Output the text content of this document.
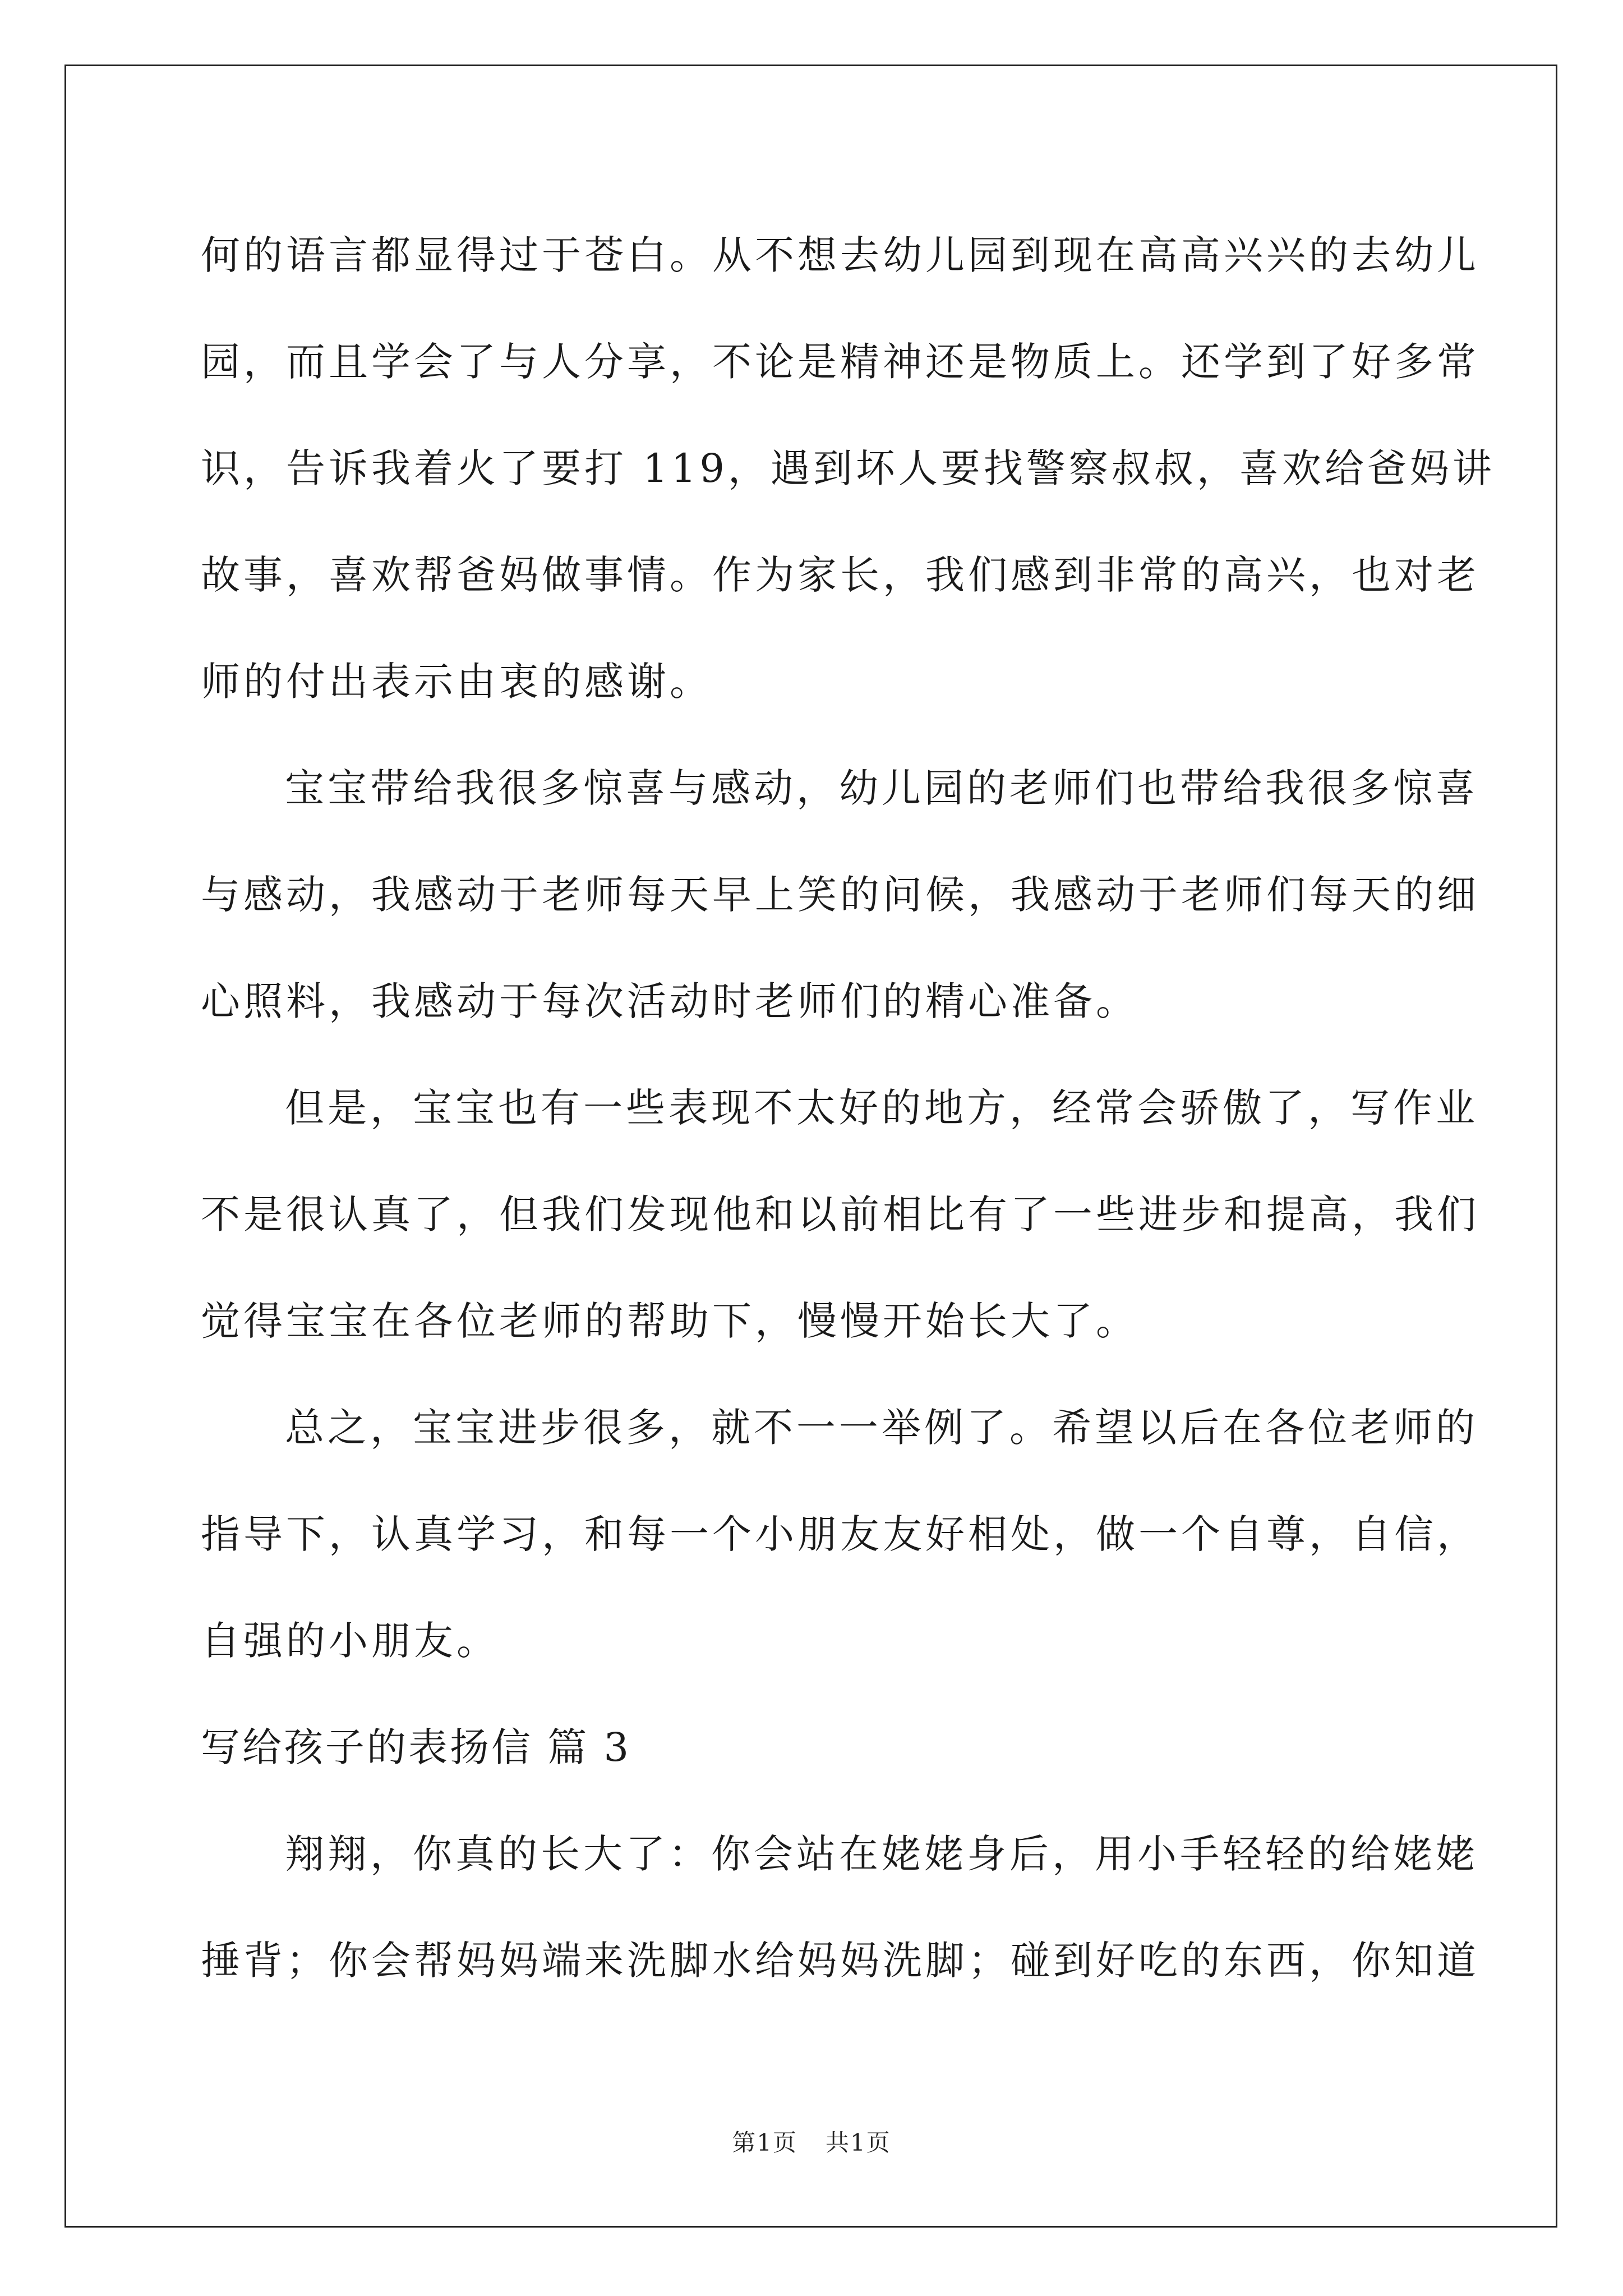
何的语言都显得过于苍白。从不想去幼儿园到现在高高兴兴的去幼儿
园，而且学会了与人分享，不论是精神还是物质上。还学到了好多常
识，告诉我着火了要打 119，遇到坏人要找警察叔叔，喜欢给爸妈讲
故事，喜欢帮爸妈做事情。作为家长，我们感到非常的高兴，也对老
师的付出表示由衷的感谢。
宝宝带给我很多惊喜与感动，幼儿园的老师们也带给我很多惊喜
与感动，我感动于老师每天早上笑的问候，我感动于老师们每天的细
心照料，我感动于每次活动时老师们的精心准备。
但是，宝宝也有一些表现不太好的地方，经常会骄傲了，写作业
不是很认真了，但我们发现他和以前相比有了一些进步和提高，我们
觉得宝宝在各位老师的帮助下，慢慢开始长大了。
总之，宝宝进步很多，就不一一举例了。希望以后在各位老师的
指导下，认真学习，和每一个小朋友友好相处，做一个自尊，自信，
自强的小朋友。
写给孩子的表扬信 篇 3
翔翔，你真的长大了：你会站在姥姥身后，用小手轻轻的给姥姥
捶背；你会帮妈妈端来洗脚水给妈妈洗脚；碰到好吃的东西，你知道
第1页 共1页
